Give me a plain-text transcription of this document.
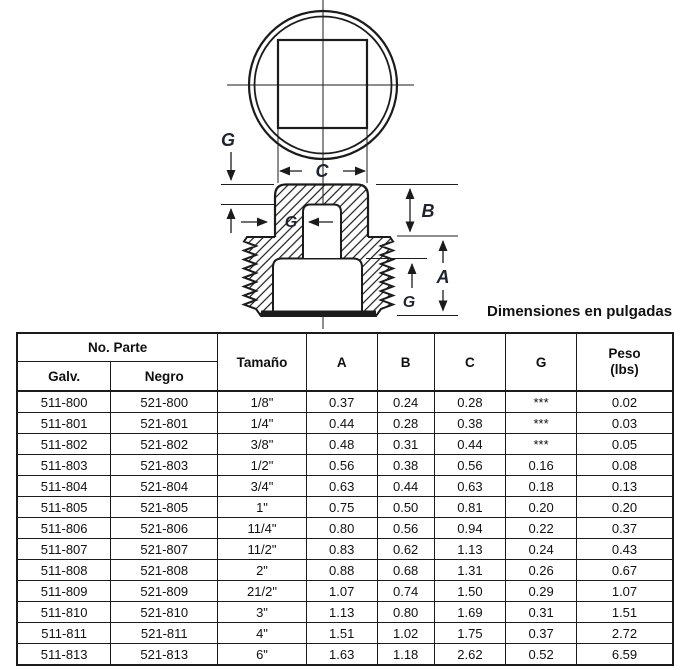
C
G
G
B
A
G
Dimensiones en pulgadas
No. Parte		Tamaño	A	B	C	G	Peso
(lbs)
Galv.	Negro						
511-800	521-800	1/8"	0.37	0.24	0.28	***	0.02
511-801	521-801	1/4"	0.44	0.28	0.38	***	0.03
511-802	521-802	3/8"	0.48	0.31	0.44	***	0.05
511-803	521-803	1/2"	0.56	0.38	0.56	0.16	0.08
511-804	521-804	3/4"	0.63	0.44	0.63	0.18	0.13
511-805	521-805	1"	0.75	0.50	0.81	0.20	0.20
511-806	521-806	11/4"	0.80	0.56	0.94	0.22	0.37
511-807	521-807	11/2"	0.83	0.62	1.13	0.24	0.43
511-808	521-808	2"	0.88	0.68	1.31	0.26	0.67
511-809	521-809	21/2"	1.07	0.74	1.50	0.29	1.07
511-810	521-810	3"	1.13	0.80	1.69	0.31	1.51
511-811	521-811	4"	1.51	1.02	1.75	0.37	2.72
511-813	521-813	6"	1.63	1.18	2.62	0.52	6.59
